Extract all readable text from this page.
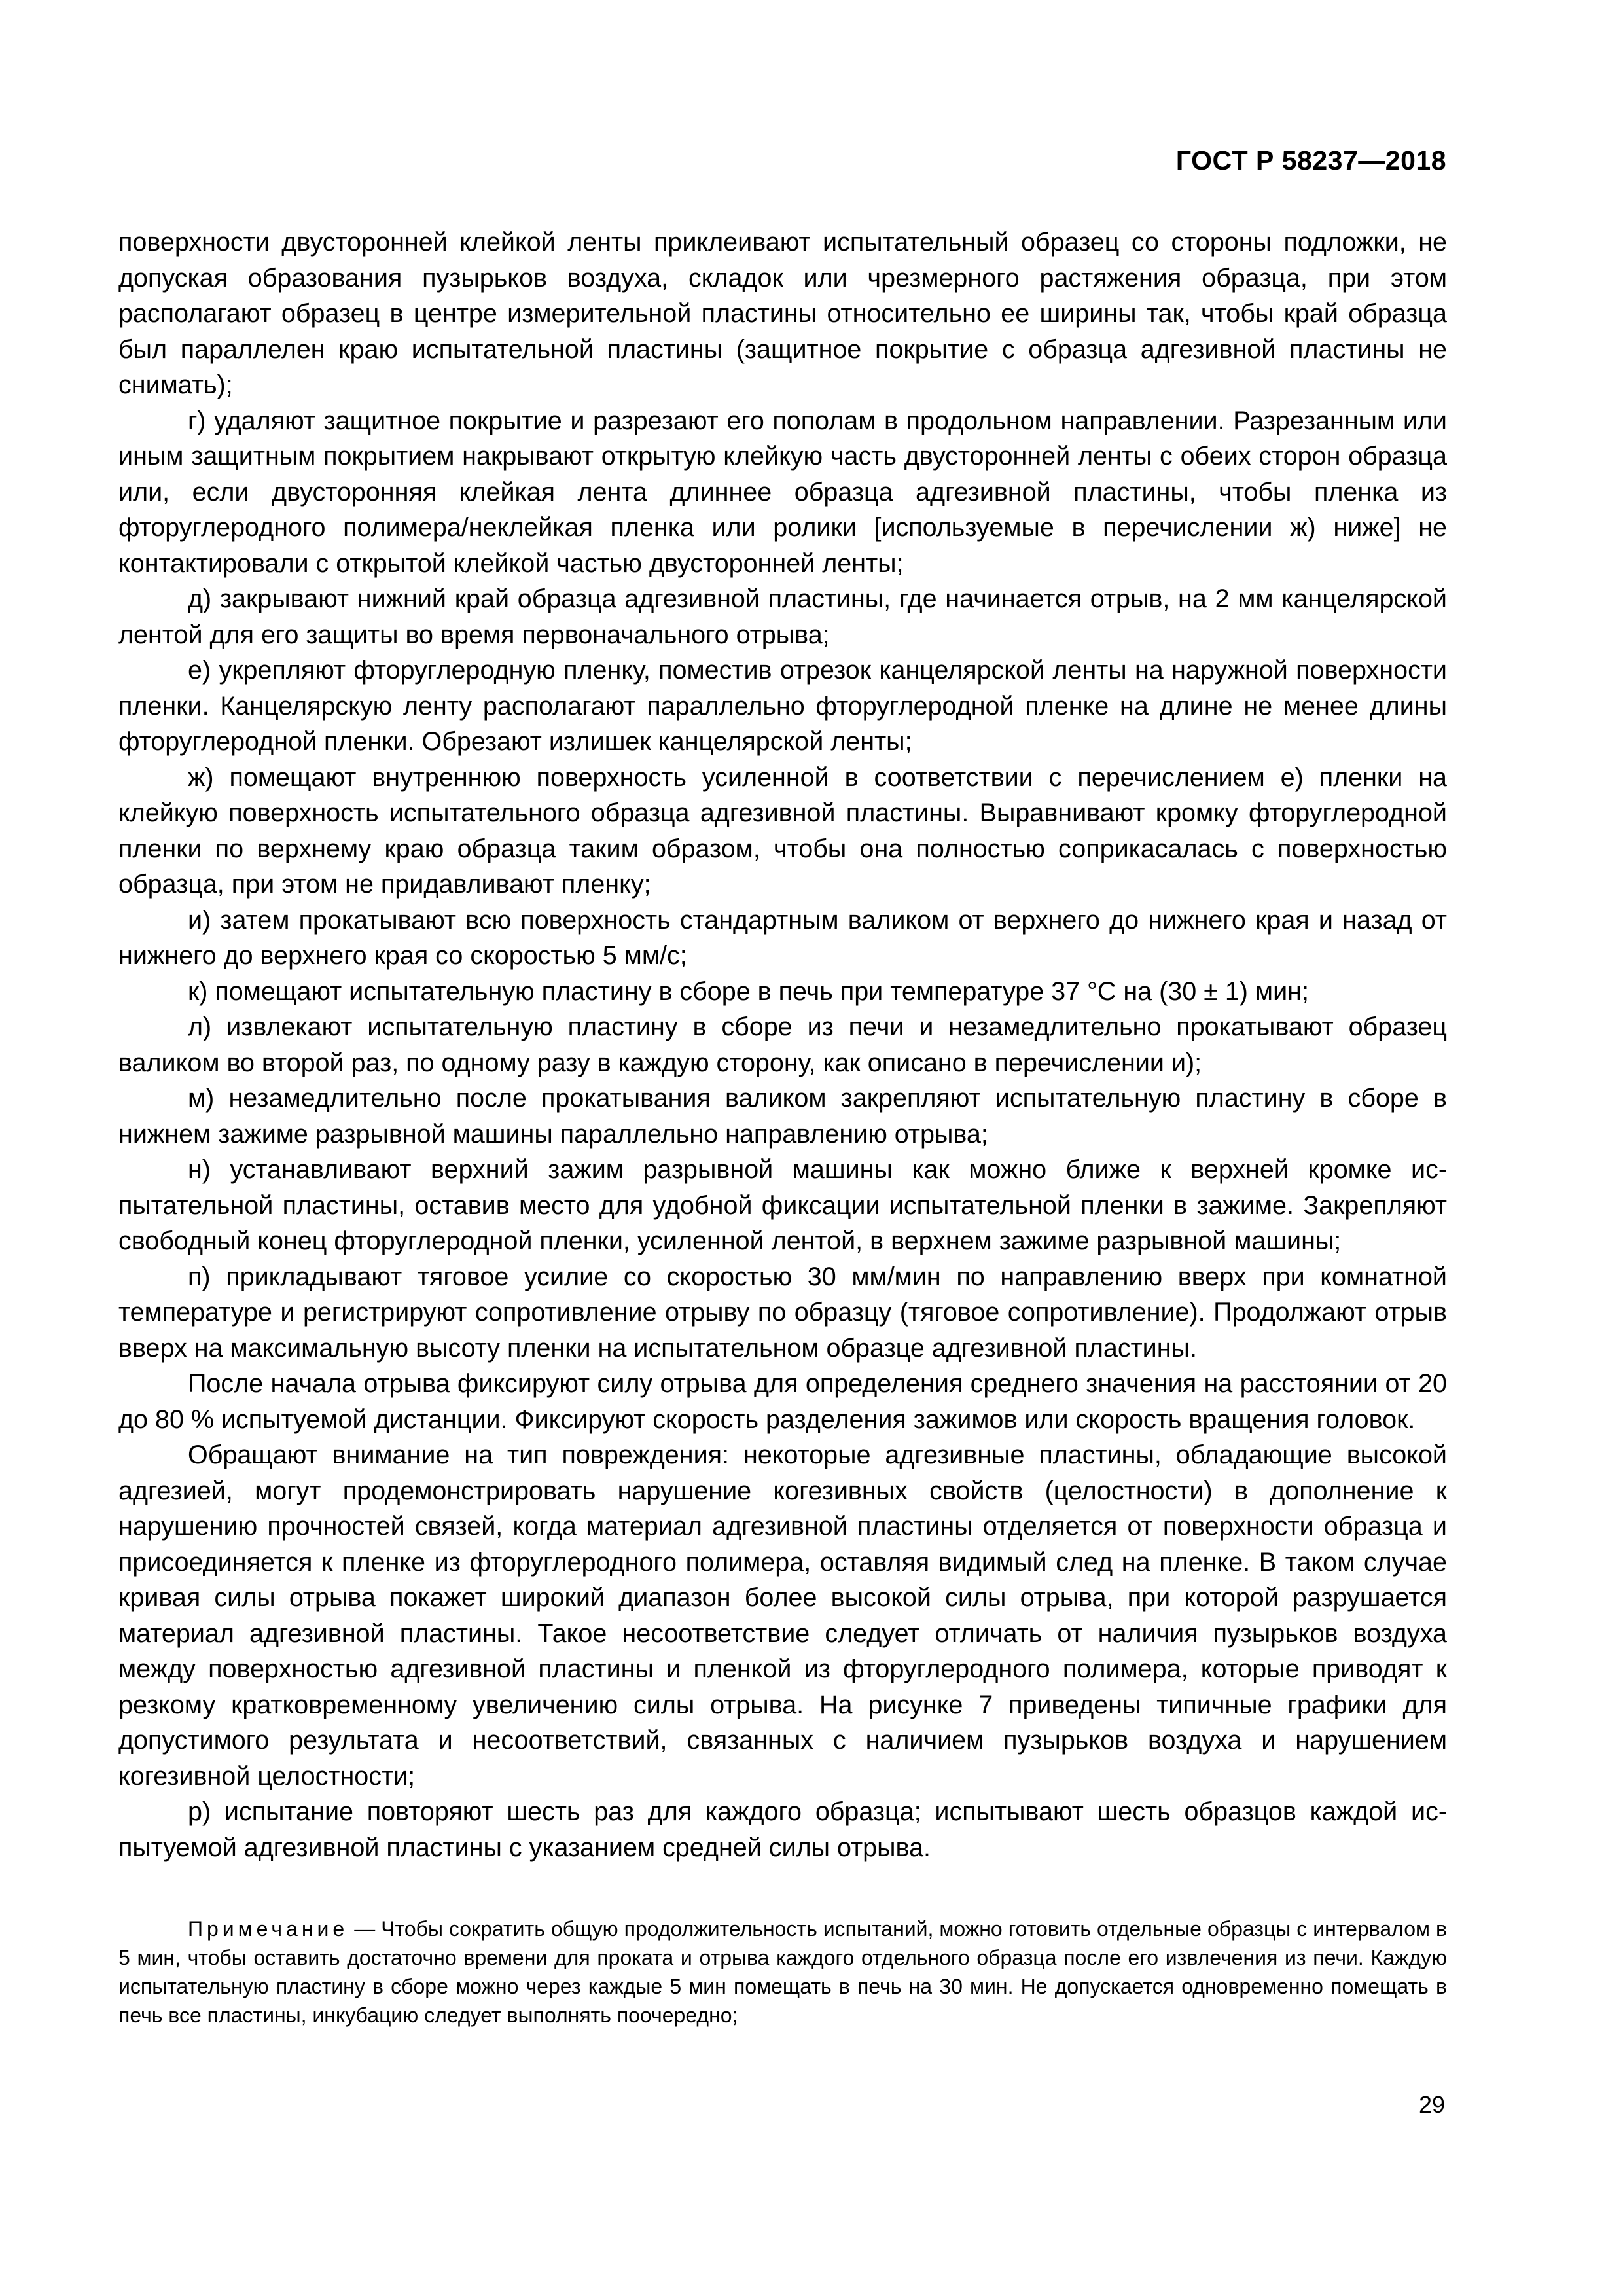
ГОСТ Р 58237—2018

поверхности двусторонней клейкой ленты приклеивают испытательный образец со стороны подложки, не допуская образования пузырьков воздуха, складок или чрезмерного растяжения образца, при этом располагают образец в центре измерительной пластины относительно ее ширины так, чтобы край образца был параллелен краю испытательной пластины (защитное покрытие с образца адгезивной пластины не снимать);

г) удаляют защитное покрытие и разрезают его пополам в продольном направлении. Разрезанным или иным защитным покрытием накрывают открытую клейкую часть двусторонней ленты с обеих сторон образца или, если двусторонняя клейкая лента длиннее образца адгезивной пластины, чтобы пленка из фторуглеродного полимера/неклейкая пленка или ролики [используемые в перечислении ж) ниже] не контактировали с открытой клейкой частью двусторонней ленты;

д) закрывают нижний край образца адгезивной пластины, где начинается отрыв, на 2 мм канцелярской лентой для его защиты во время первоначального отрыва;

е) укрепляют фторуглеродную пленку, поместив отрезок канцелярской ленты на наружной поверхности пленки. Канцелярскую ленту располагают параллельно фторуглеродной пленке на длине не менее длины фторуглеродной пленки. Обрезают излишек канцелярской ленты;

ж) помещают внутреннюю поверхность усиленной в соответствии с перечислением е) пленки на клейкую поверхность испытательного образца адгезивной пластины. Выравнивают кромку фторуглеродной пленки по верхнему краю образца таким образом, чтобы она полностью соприкасалась с поверхностью образца, при этом не придавливают пленку;

и) затем прокатывают всю поверхность стандартным валиком от верхнего до нижнего края и назад от нижнего до верхнего края со скоростью 5 мм/с;

к) помещают испытательную пластину в сборе в печь при температуре 37 °С на (30 ± 1) мин;

л) извлекают испытательную пластину в сборе из печи и незамедлительно прокатывают образец валиком во второй раз, по одному разу в каждую сторону, как описано в перечислении и);

м) незамедлительно после прокатывания валиком закрепляют испытательную пластину в сборе в нижнем зажиме разрывной машины параллельно направлению отрыва;

н) устанавливают верхний зажим разрывной машины как можно ближе к верхней кромке испытательной пластины, оставив место для удобной фиксации испытательной пленки в зажиме. Закрепляют свободный конец фторуглеродной пленки, усиленной лентой, в верхнем зажиме разрывной машины;

п) прикладывают тяговое усилие со скоростью 30 мм/мин по направлению вверх при комнатной температуре и регистрируют сопротивление отрыву по образцу (тяговое сопротивление). Продолжают отрыв вверх на максимальную высоту пленки на испытательном образце адгезивной пластины.

После начала отрыва фиксируют силу отрыва для определения среднего значения на расстоянии от 20 до 80 % испытуемой дистанции. Фиксируют скорость разделения зажимов или скорость вращения головок.

Обращают внимание на тип повреждения: некоторые адгезивные пластины, обладающие высокой адгезией, могут продемонстрировать нарушение когезивных свойств (целостности) в дополнение к нарушению прочностей связей, когда материал адгезивной пластины отделяется от поверхности образца и присоединяется к пленке из фторуглеродного полимера, оставляя видимый след на пленке. В таком случае кривая силы отрыва покажет широкий диапазон более высокой силы отрыва, при которой разрушается материал адгезивной пластины. Такое несоответствие следует отличать от наличия пузырьков воздуха между поверхностью адгезивной пластины и пленкой из фторуглеродного полимера, которые приводят к резкому кратковременному увеличению силы отрыва. На рисунке 7 приведены типичные графики для допустимого результата и несоответствий, связанных с наличием пузырьков воздуха и нарушением когезивной целостности;

р) испытание повторяют шесть раз для каждого образца; испытывают шесть образцов каждой испытуемой адгезивной пластины с указанием средней силы отрыва.

Примечание — Чтобы сократить общую продолжительность испытаний, можно готовить отдельные образцы с интервалом в 5 мин, чтобы оставить достаточно времени для проката и отрыва каждого отдельного образца после его извлечения из печи. Каждую испытательную пластину в сборе можно через каждые 5 мин помещать в печь на 30 мин. Не допускается одновременно помещать в печь все пластины, инкубацию следует выполнять поочередно;

29
